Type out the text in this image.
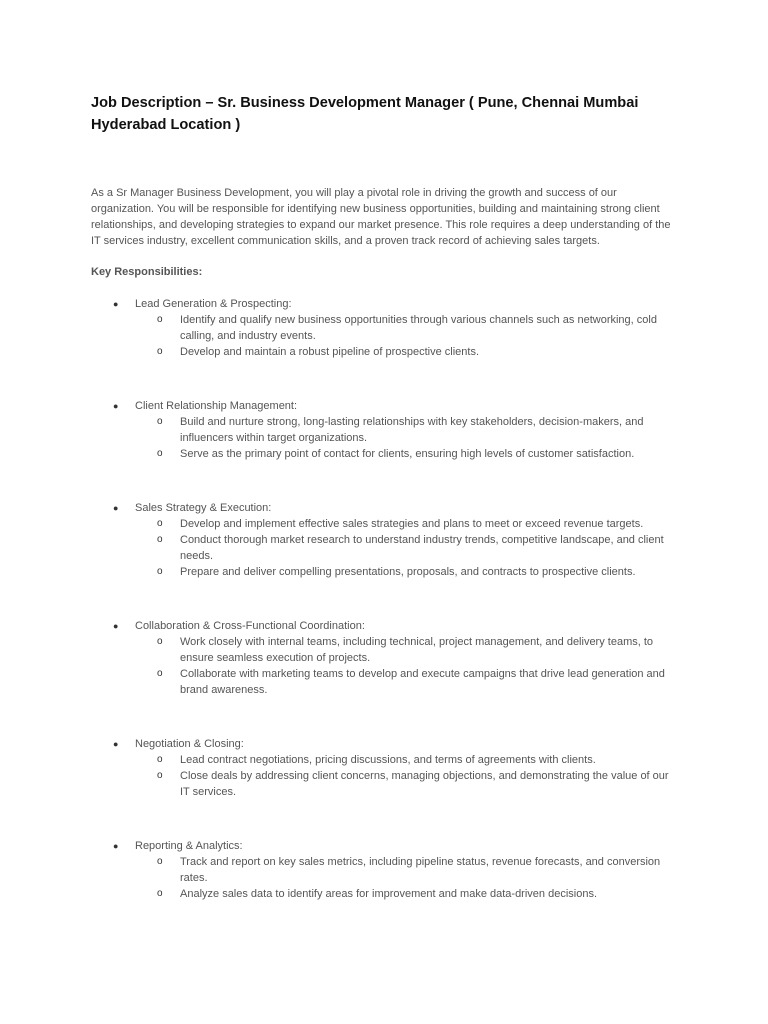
Job Description – Sr. Business Development Manager ( Pune, Chennai Mumbai Hyderabad Location )

As a Sr Manager Business Development, you will play a pivotal role in driving the growth and success of our organization. You will be responsible for identifying new business opportunities, building and maintaining strong client relationships, and developing strategies to expand our market presence. This role requires a deep understanding of the IT services industry, excellent communication skills, and a proven track record of achieving sales targets.

Key Responsibilities:

● Lead Generation & Prospecting:
o Identify and qualify new business opportunities through various channels such as networking, cold calling, and industry events.
o Develop and maintain a robust pipeline of prospective clients.
● Client Relationship Management:
o Build and nurture strong, long-lasting relationships with key stakeholders, decision-makers, and influencers within target organizations.
o Serve as the primary point of contact for clients, ensuring high levels of customer satisfaction.
● Sales Strategy & Execution:
o Develop and implement effective sales strategies and plans to meet or exceed revenue targets.
o Conduct thorough market research to understand industry trends, competitive landscape, and client needs.
o Prepare and deliver compelling presentations, proposals, and contracts to prospective clients.
● Collaboration & Cross-Functional Coordination:
o Work closely with internal teams, including technical, project management, and delivery teams, to ensure seamless execution of projects.
o Collaborate with marketing teams to develop and execute campaigns that drive lead generation and brand awareness.
● Negotiation & Closing:
o Lead contract negotiations, pricing discussions, and terms of agreements with clients.
o Close deals by addressing client concerns, managing objections, and demonstrating the value of our IT services.
● Reporting & Analytics:
o Track and report on key sales metrics, including pipeline status, revenue forecasts, and conversion rates.
o Analyze sales data to identify areas for improvement and make data-driven decisions.
